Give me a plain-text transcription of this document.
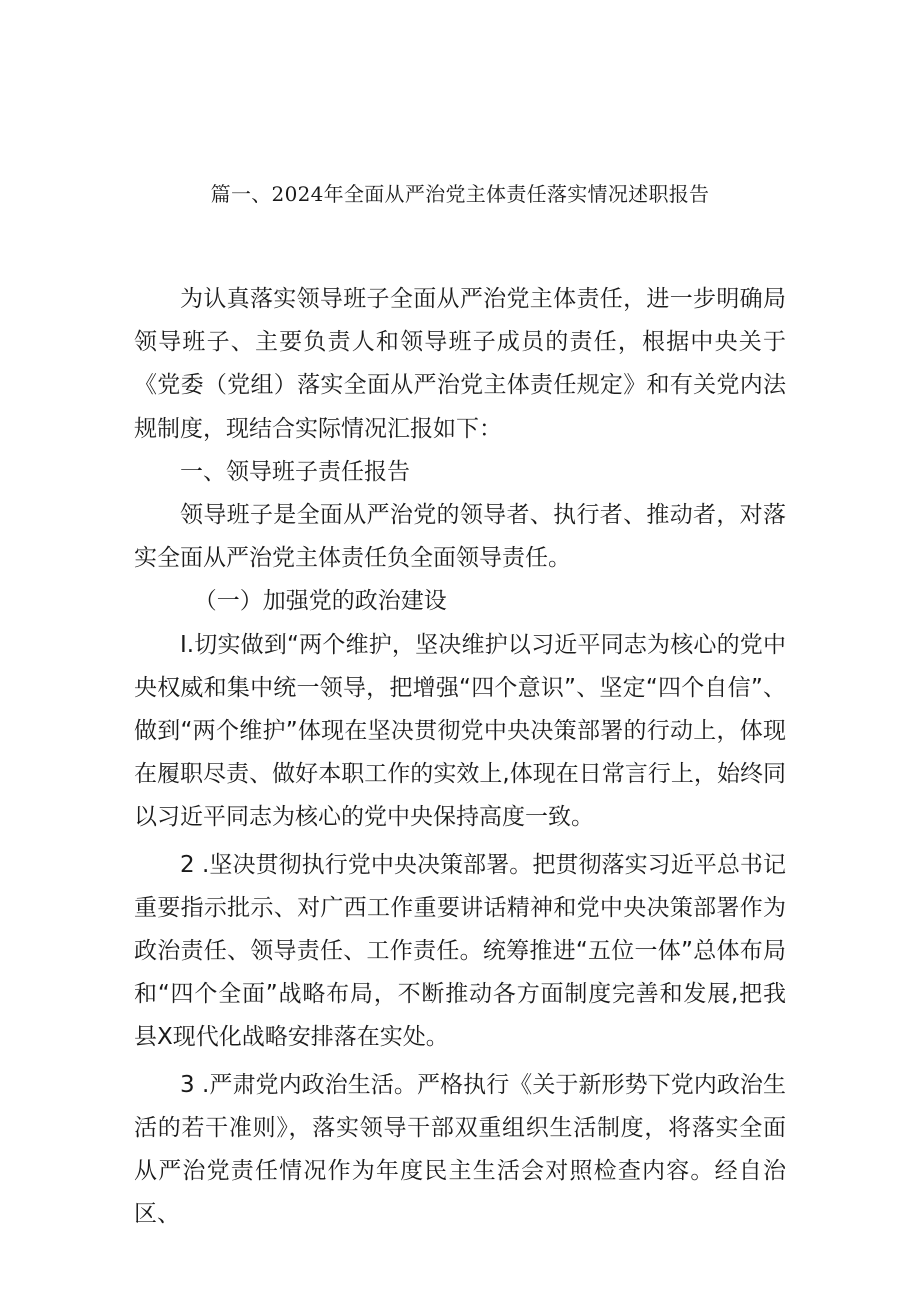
篇一、2024年全面从严治党主体责任落实情况述职报告

为认真落实领导班子全面从严治党主体责任，进一步明确局领导班子、主要负责人和领导班子成员的责任，根据中央关于《党委（党组）落实全面从严治党主体责任规定》和有关党内法规制度，现结合实际情况汇报如下：

一、领导班子责任报告

领导班子是全面从严治党的领导者、执行者、推动者，对落实全面从严治党主体责任负全面领导责任。

（一）加强党的政治建设

I.切实做到“两个维护，坚决维护以习近平同志为核心的党中央权威和集中统一领导，把增强“四个意识”、坚定“四个自信”、做到“两个维护”体现在坚决贯彻党中央决策部署的行动上，体现在履职尽责、做好本职工作的实效上,体现在日常言行上，始终同以习近平同志为核心的党中央保持高度一致。

2 .坚决贯彻执行党中央决策部署。把贯彻落实习近平总书记重要指示批示、对广西工作重要讲话精神和党中央决策部署作为政治责任、领导责任、工作责任。统筹推进“五位一体”总体布局和“四个全面”战略布局，不断推动各方面制度完善和发展,把我县X现代化战略安排落在实处。

3 .严肃党内政治生活。严格执行《关于新形势下党内政治生活的若干准则》，落实领导干部双重组织生活制度，将落实全面从严治党责任情况作为年度民主生活会对照检查内容。经自治区、
